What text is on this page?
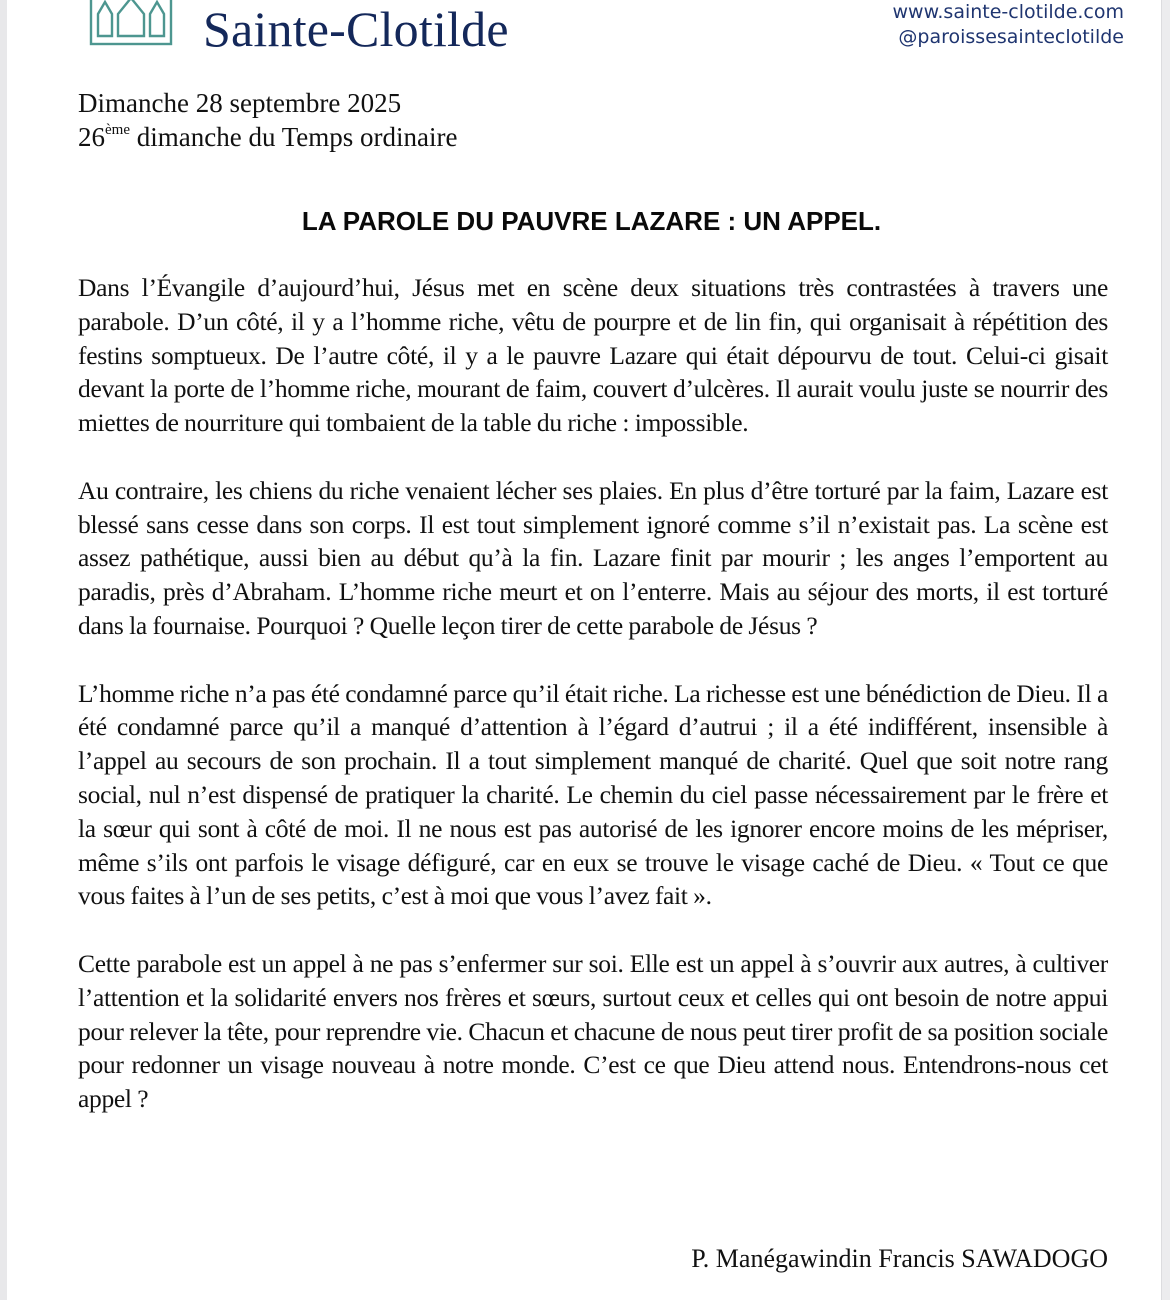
Sainte-Clotilde	www.sainte-clotilde.com
@paroissesainteclotilde
Dimanche 28 septembre 2025
26ème dimanche du Temps ordinaire
LA PAROLE DU PAUVRE LAZARE : UN APPEL.

Dans l’Évangile d’aujourd’hui, Jésus met en scène deux situations très contrastées à travers une parabole. D’un côté, il y a l’homme riche, vêtu de pourpre et de lin fin, qui organisait à répétition des festins somptueux. De l’autre côté, il y a le pauvre Lazare qui était dépourvu de tout. Celui-ci gisait devant la porte de l’homme riche, mourant de faim, couvert d’ulcères. Il aurait voulu juste se nourrir des miettes de nourriture qui tombaient de la table du riche : impossible.

Au contraire, les chiens du riche venaient lécher ses plaies. En plus d’être torturé par la faim, Lazare est blessé sans cesse dans son corps. Il est tout simplement ignoré comme s’il n’existait pas. La scène est assez pathétique, aussi bien au début qu’à la fin. Lazare finit par mourir ; les anges l’emportent au paradis, près d’Abraham. L’homme riche meurt et on l’enterre. Mais au séjour des morts, il est torturé dans la fournaise. Pourquoi ? Quelle leçon tirer de cette parabole de Jésus ?

L’homme riche n’a pas été condamné parce qu’il était riche. La richesse est une bénédiction de Dieu. Il a été condamné parce qu’il a manqué d’attention à l’égard d’autrui ; il a été indifférent, insensible à l’appel au secours de son prochain. Il a tout simplement manqué de charité. Quel que soit notre rang social, nul n’est dispensé de pratiquer la charité. Le chemin du ciel passe nécessairement par le frère et la sœur qui sont à côté de moi. Il ne nous est pas autorisé de les ignorer encore moins de les mépriser, même s’ils ont parfois le visage défiguré, car en eux se trouve le visage caché de Dieu. « Tout ce que vous faites à l’un de ses petits, c’est à moi que vous l’avez fait ».

Cette parabole est un appel à ne pas s’enfermer sur soi. Elle est un appel à s’ouvrir aux autres, à cultiver l’attention et la solidarité envers nos frères et sœurs, surtout ceux et celles qui ont besoin de notre appui pour relever la tête, pour reprendre vie. Chacun et chacune de nous peut tirer profit de sa position sociale pour redonner un visage nouveau à notre monde. C’est ce que Dieu attend nous. Entendrons-nous cet appel ?

P. Manégawindin Francis SAWADOGO
